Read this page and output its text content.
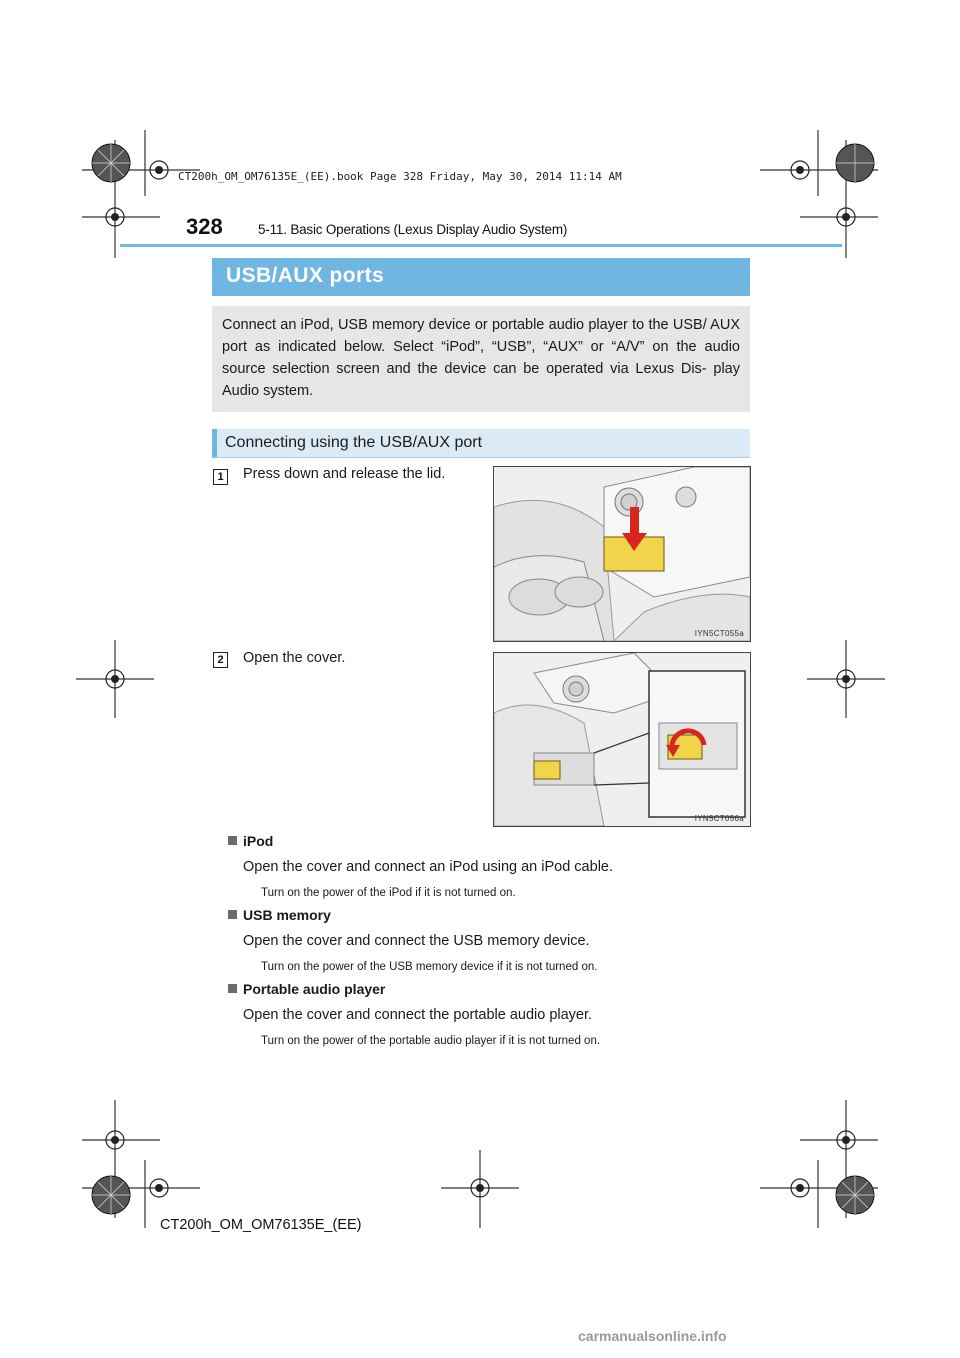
CT200h_OM_OM76135E_(EE).book Page 328 Friday, May 30, 2014 11:14 AM
328	5-11. Basic Operations (Lexus Display Audio System)
USB/AUX ports

Connect an iPod, USB memory device or portable audio player to the USB/ AUX port as indicated below. Select “iPod”, “USB”, “AUX” or “A/V” on the audio source selection screen and the device can be operated via Lexus Dis- play Audio system.

Connecting using the USB/AUX port
1	Press down and release the lid.
IYN5CT055a
2	Open the cover.
IYN5CT056a
iPod
Open the cover and connect an iPod using an iPod cable.
Turn on the power of the iPod if it is not turned on.
USB memory
Open the cover and connect the USB memory device.
Turn on the power of the USB memory device if it is not turned on.
Portable audio player
Open the cover and connect the portable audio player.
Turn on the power of the portable audio player if it is not turned on.
CT200h_OM_OM76135E_(EE)
carmanualsonline.info
